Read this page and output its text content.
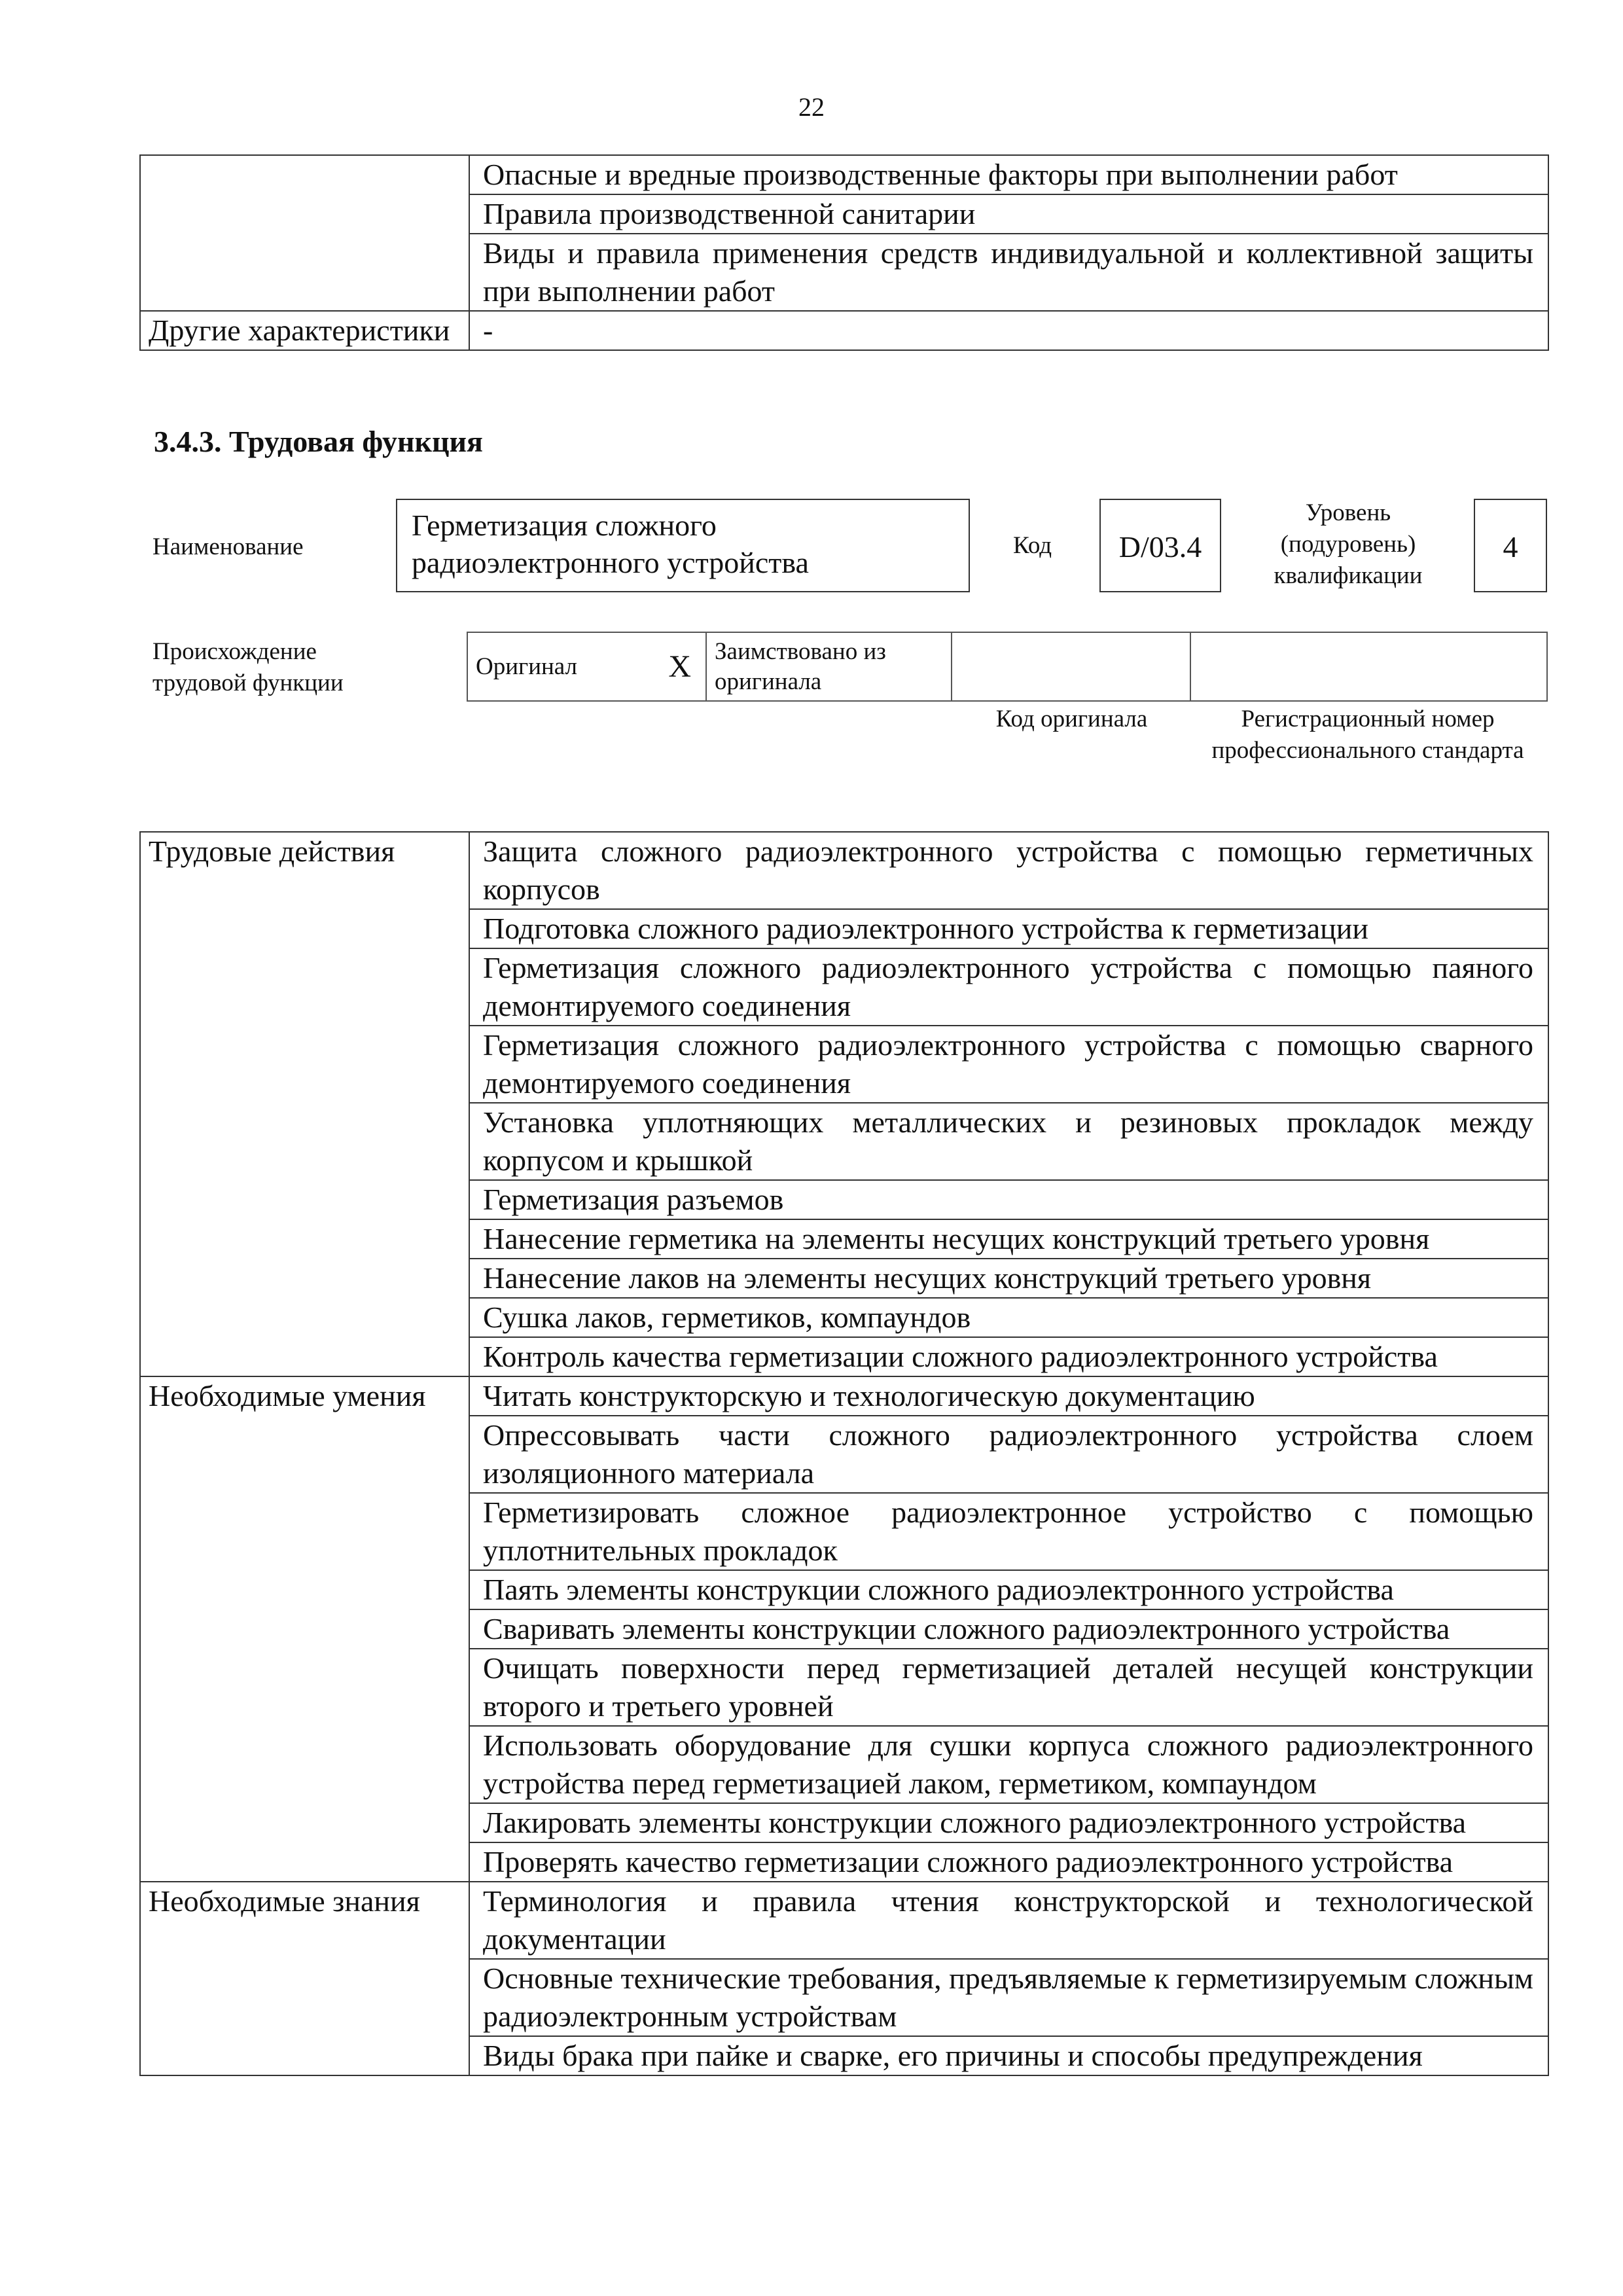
22
	Опасные и вредные производственные факторы при выполнении работ
	Правила производственной санитарии
	Виды и правила применения средств индивидуальной и коллективной защиты при выполнении работ
Другие характеристики	-
3.4.3. Трудовая функция
Наименование
Герметизация сложного радиоэлектронного устройства
Код	D/03.4
Уровень (подуровень) квалификации
4
Происхождение трудовой функции
Оригинал	X	Заимствовано из оригинала		
Код оригинала	Регистрационный номер профессионального стандарта
Трудовые действия	Защита сложного радиоэлектронного устройства с помощью герметичных корпусов
	Подготовка сложного радиоэлектронного устройства к герметизации
	Герметизация сложного радиоэлектронного устройства с помощью паяного демонтируемого соединения
	Герметизация сложного радиоэлектронного устройства с помощью сварного демонтируемого соединения
	Установка уплотняющих металлических и резиновых прокладок между корпусом и крышкой
	Герметизация разъемов
	Нанесение герметика на элементы несущих конструкций третьего уровня
	Нанесение лаков на элементы несущих конструкций третьего уровня
	Сушка лаков, герметиков, компаундов
	Контроль качества герметизации сложного радиоэлектронного устройства
Необходимые умения	Читать конструкторскую и технологическую документацию
	Опрессовывать части сложного радиоэлектронного устройства слоем изоляционного материала
	Герметизировать сложное радиоэлектронное устройство с помощью уплотнительных прокладок
	Паять элементы конструкции сложного радиоэлектронного устройства
	Сваривать элементы конструкции сложного радиоэлектронного устройства
	Очищать поверхности перед герметизацией деталей несущей конструкции второго и третьего уровней
	Использовать оборудование для сушки корпуса сложного радиоэлектронного устройства перед герметизацией лаком, герметиком, компаундом
	Лакировать элементы конструкции сложного радиоэлектронного устройства
	Проверять качество герметизации сложного радиоэлектронного устройства
Необходимые знания	Терминология и правила чтения конструкторской и технологической документации
	Основные технические требования, предъявляемые к герметизируемым сложным радиоэлектронным устройствам
	Виды брака при пайке и сварке, его причины и способы предупреждения
